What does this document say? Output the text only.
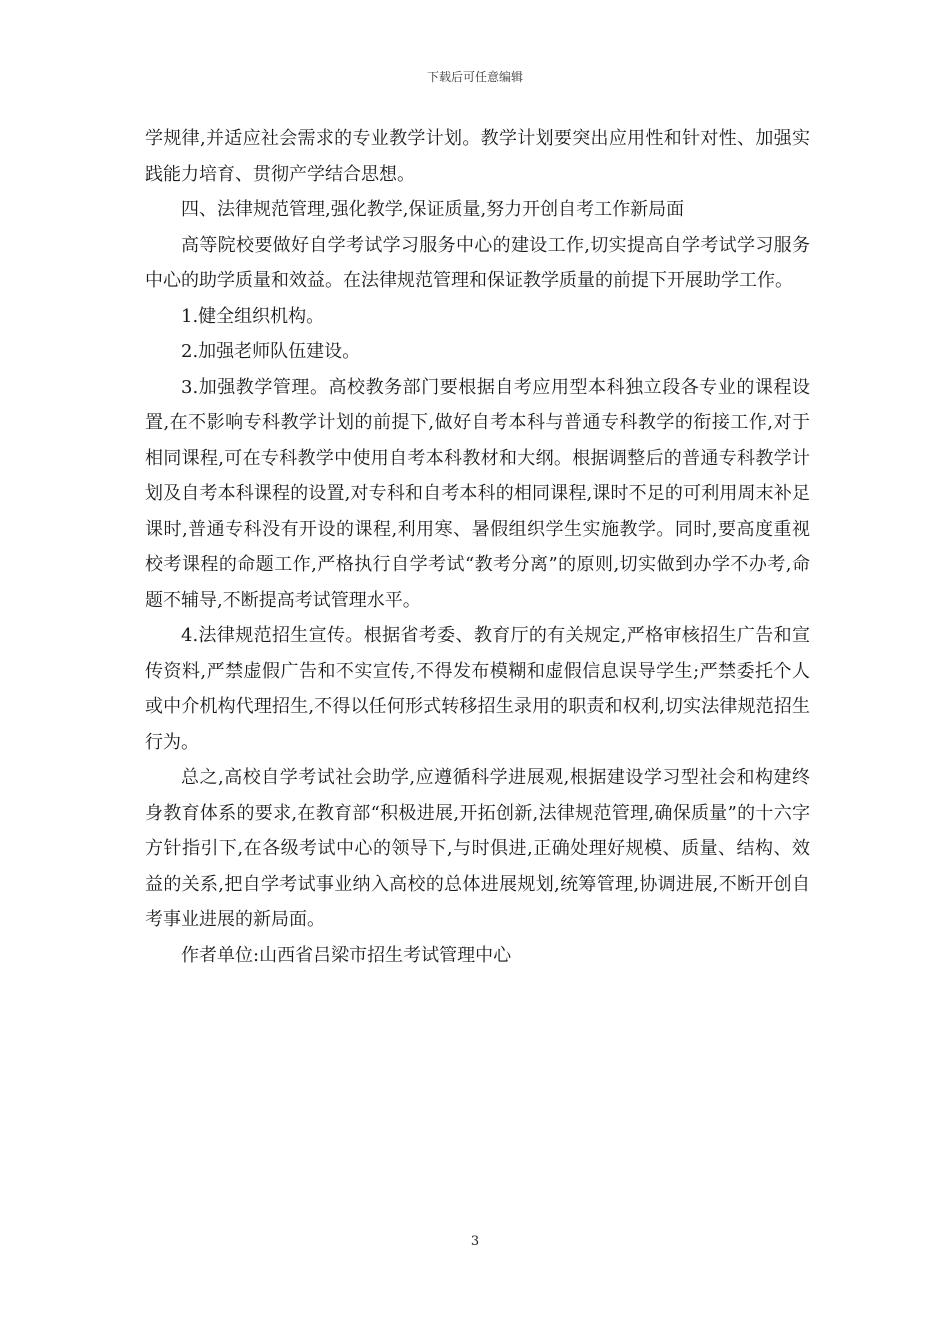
下载后可任意编辑

学规律,并适应社会需求的专业教学计划。教学计划要突出应用性和针对性、加强实践能力培育、贯彻产学结合思想。

四、法律规范管理,强化教学,保证质量,努力开创自考工作新局面

高等院校要做好自学考试学习服务中心的建设工作,切实提高自学考试学习服务中心的助学质量和效益。在法律规范管理和保证教学质量的前提下开展助学工作。

1.健全组织机构。

2.加强老师队伍建设。

3.加强教学管理。高校教务部门要根据自考应用型本科独立段各专业的课程设置,在不影响专科教学计划的前提下,做好自考本科与普通专科教学的衔接工作,对于相同课程,可在专科教学中使用自考本科教材和大纲。根据调整后的普通专科教学计划及自考本科课程的设置,对专科和自考本科的相同课程,课时不足的可利用周末补足课时,普通专科没有开设的课程,利用寒、暑假组织学生实施教学。同时,要高度重视校考课程的命题工作,严格执行自学考试“教考分离”的原则,切实做到办学不办考,命题不辅导,不断提高考试管理水平。

4.法律规范招生宣传。根据省考委、教育厅的有关规定,严格审核招生广告和宣传资料,严禁虚假广告和不实宣传,不得发布模糊和虚假信息误导学生;严禁委托个人或中介机构代理招生,不得以任何形式转移招生录用的职责和权利,切实法律规范招生行为。

总之,高校自学考试社会助学,应遵循科学进展观,根据建设学习型社会和构建终身教育体系的要求,在教育部“积极进展,开拓创新,法律规范管理,确保质量”的十六字方针指引下,在各级考试中心的领导下,与时俱进,正确处理好规模、质量、结构、效益的关系,把自学考试事业纳入高校的总体进展规划,统筹管理,协调进展,不断开创自考事业进展的新局面。

作者单位:山西省吕梁市招生考试管理中心

3
